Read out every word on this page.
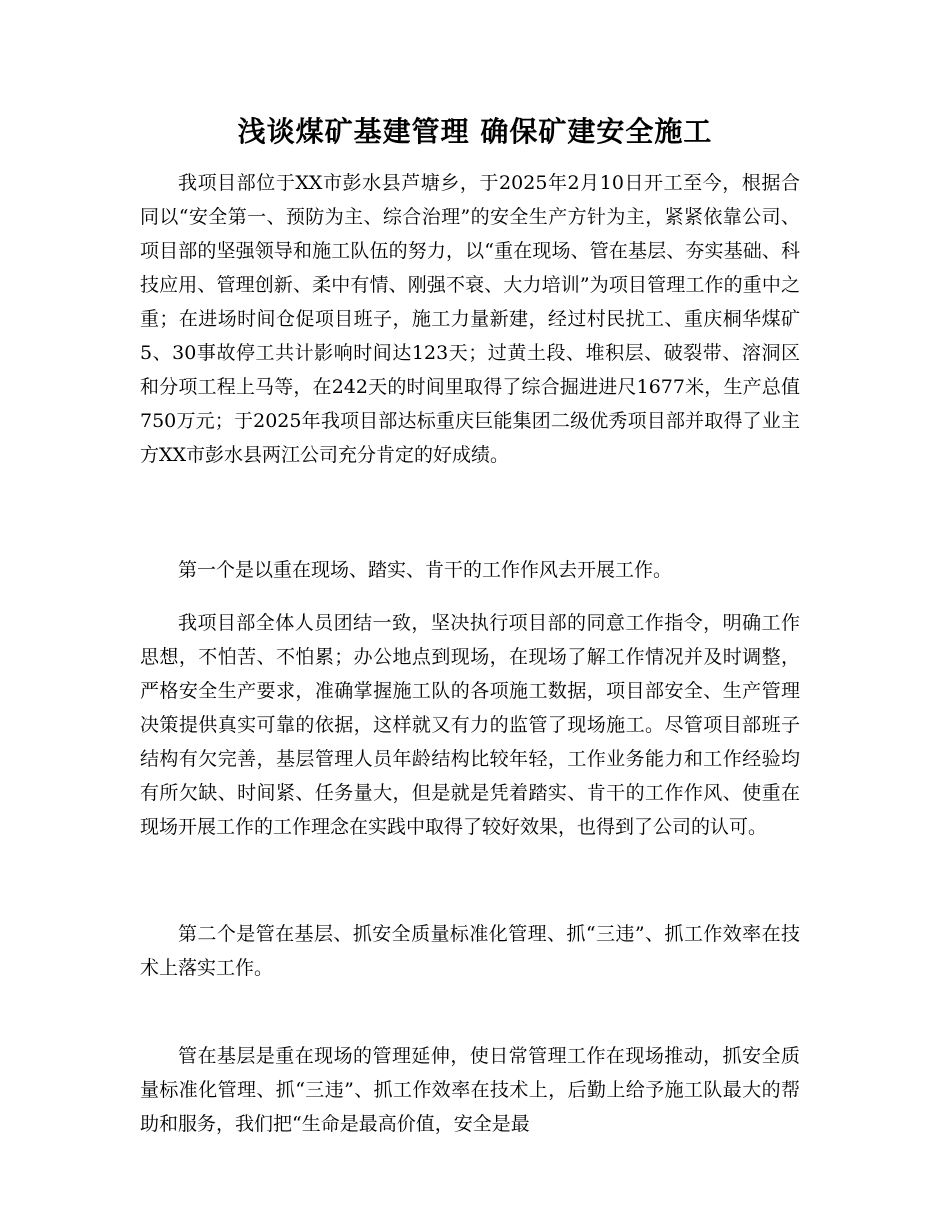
浅谈煤矿基建管理 确保矿建安全施工

我项目部位于XX市彭水县芦塘乡，于2025年2月10日开工至今，根据合同以“安全第一、预防为主、综合治理”的安全生产方针为主，紧紧依靠公司、项目部的坚强领导和施工队伍的努力，以“重在现场、管在基层、夯实基础、科技应用、管理创新、柔中有情、刚强不衰、大力培训”为项目管理工作的重中之重；在进场时间仓促项目班子，施工力量新建，经过村民扰工、重庆桐华煤矿5、30事故停工共计影响时间达123天；过黄土段、堆积层、破裂带、溶洞区和分项工程上马等，在242天的时间里取得了综合掘进进尺1677米，生产总值750万元；于2025年我项目部达标重庆巨能集团二级优秀项目部并取得了业主方XX市彭水县两江公司充分肯定的好成绩。

第一个是以重在现场、踏实、肯干的工作作风去开展工作。

我项目部全体人员团结一致，坚决执行项目部的同意工作指令，明确工作思想，不怕苦、不怕累；办公地点到现场，在现场了解工作情况并及时调整，严格安全生产要求，准确掌握施工队的各项施工数据，项目部安全、生产管理决策提供真实可靠的依据，这样就又有力的监管了现场施工。尽管项目部班子结构有欠完善，基层管理人员年龄结构比较年轻，工作业务能力和工作经验均有所欠缺、时间紧、任务量大，但是就是凭着踏实、肯干的工作作风、使重在现场开展工作的工作理念在实践中取得了较好效果，也得到了公司的认可。

第二个是管在基层、抓安全质量标准化管理、抓“三违”、抓工作效率在技术上落实工作。

管在基层是重在现场的管理延伸，使日常管理工作在现场推动，抓安全质量标准化管理、抓“三违”、抓工作效率在技术上，后勤上给予施工队最大的帮助和服务，我们把“生命是最高价值，安全是最
